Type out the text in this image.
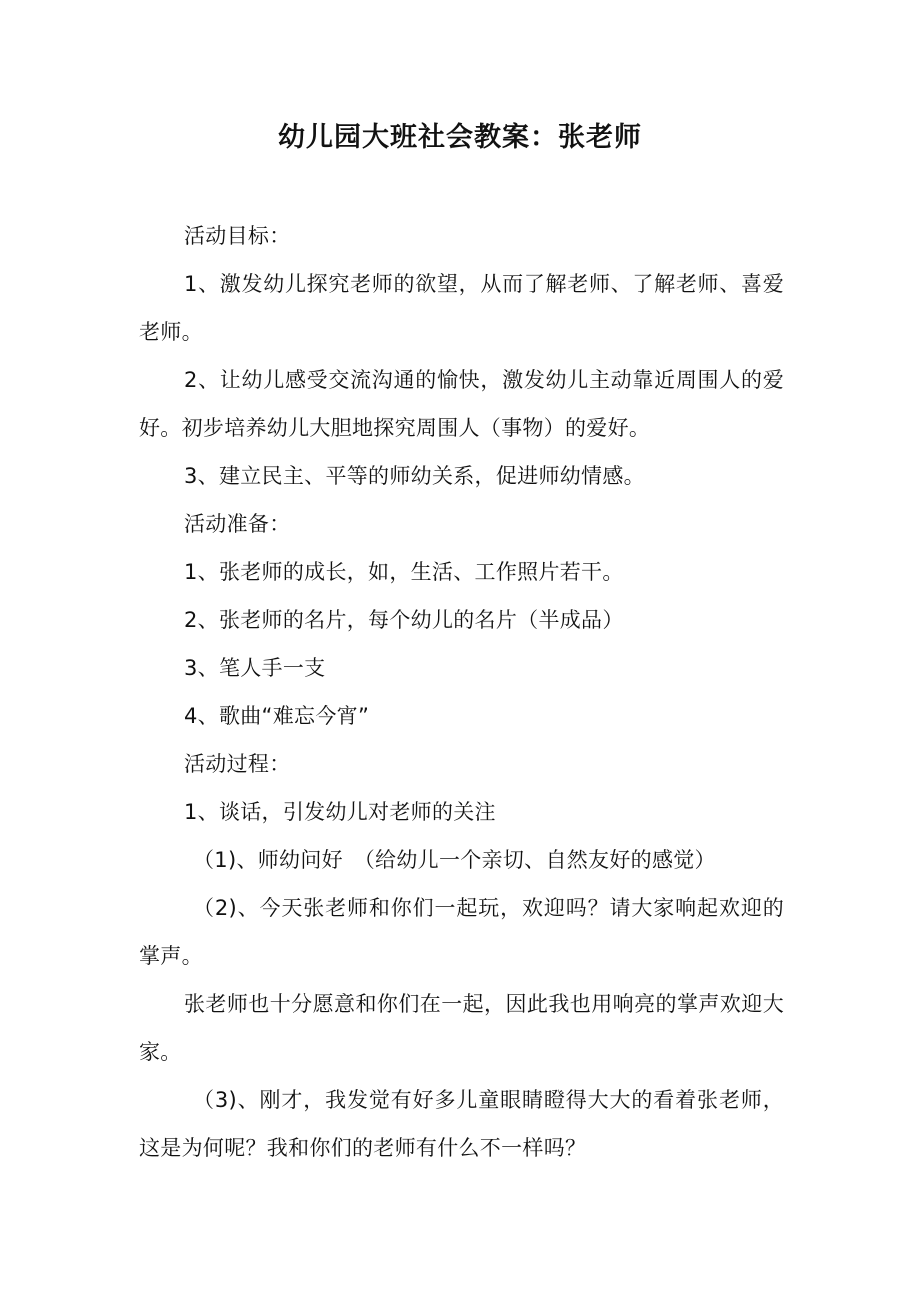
幼儿园大班社会教案：张老师

活动目标：

1、激发幼儿探究老师的欲望，从而了解老师、了解老师、喜爱老师。

2、让幼儿感受交流沟通的愉快，激发幼儿主动靠近周围人的爱好。初步培养幼儿大胆地探究周围人（事物）的爱好。

3、建立民主、平等的师幼关系，促进师幼情感。

活动准备：

1、张老师的成长，如，生活、工作照片若干。

2、张老师的名片，每个幼儿的名片（半成品）

3、笔人手一支

4、歌曲“难忘今宵”

活动过程：

1、谈话，引发幼儿对老师的关注

（1)、师幼问好　（给幼儿一个亲切、自然友好的感觉）

（2)、今天张老师和你们一起玩，欢迎吗？请大家响起欢迎的掌声。

张老师也十分愿意和你们在一起，因此我也用响亮的掌声欢迎大家。

（3)、刚才，我发觉有好多儿童眼睛瞪得大大的看着张老师，这是为何呢？我和你们的老师有什么不一样吗？
